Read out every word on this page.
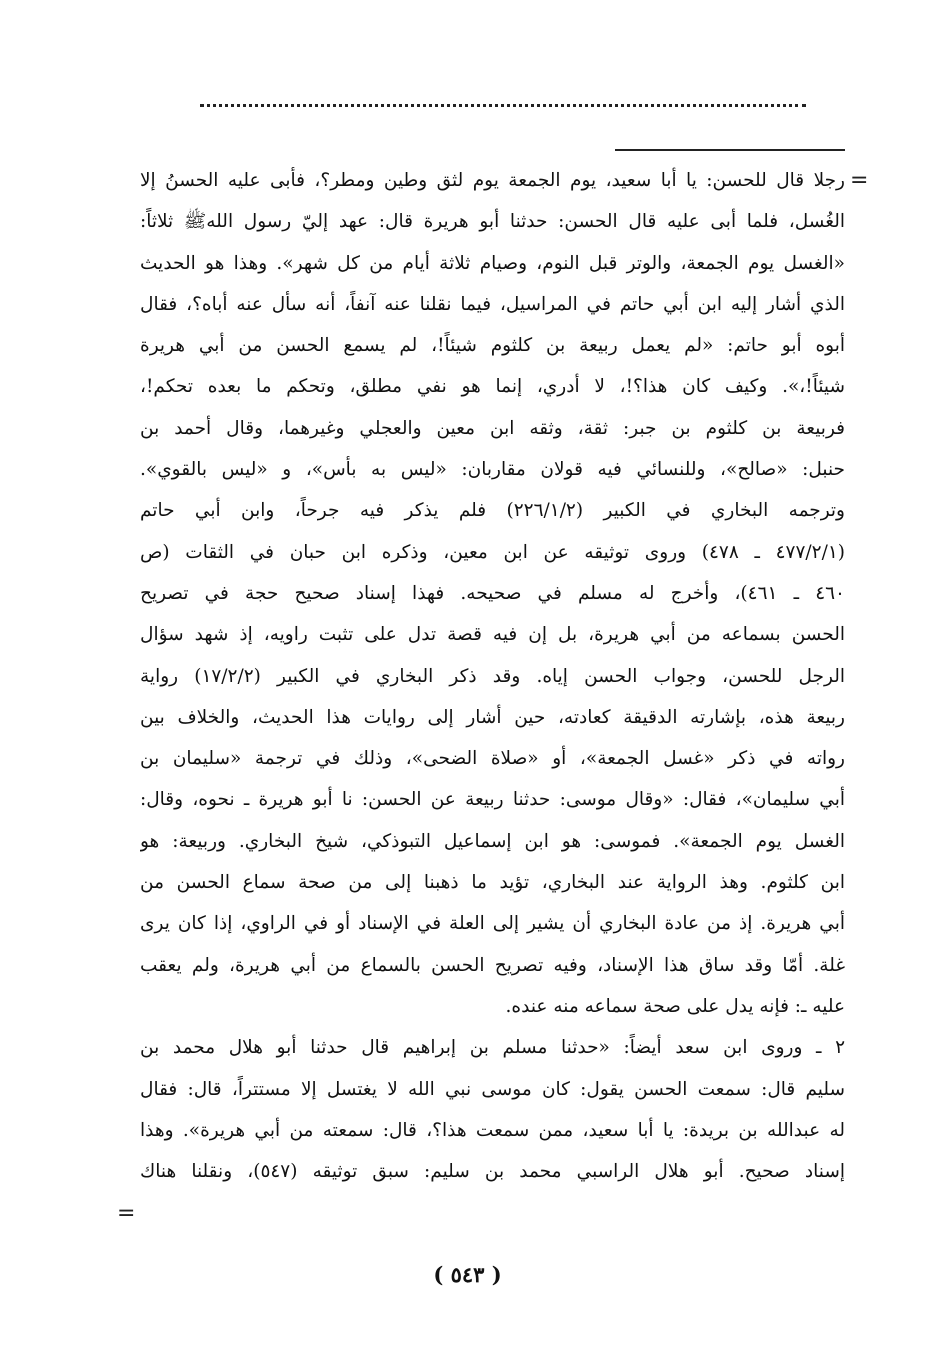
=
=
رجلا قال للحسن: يا أبا سعيد، يوم الجمعة يوم لثق وطين ومطر؟، فأبى عليه الحسنُ إلا
الغُسل، فلما أبى عليه قال الحسن: حدثنا أبو هريرة قال: عهد إليّ رسول اللهﷺ ثلاثاً:
«الغسل يوم الجمعة، والوتر قبل النوم، وصيام ثلاثة أيام من كل شهر». وهذا هو الحديث
الذي أشار إليه ابن أبي حاتم في المراسيل، فيما نقلنا عنه آنفاً، أنه سأل عنه أباه؟، فقال
أبوه أبو حاتم: «لم يعمل ربيعة بن كلثوم شيئاً!، لم يسمع الحسن من أبي هريرة
شيئاً!،». وكيف كان هذا؟!، لا أدري، إنما هو نفي مطلق، وتحكم ما بعده تحكم!،
فربيعة بن كلثوم بن جبر: ثقة، وثقه ابن معين والعجلي وغيرهما، وقال أحمد بن
حنبل: «صالح»، وللنسائي فيه قولان مقاربان: «ليس به بأس»، و «ليس بالقوي».
وترجمه البخاري في الكبير (٢٢٦/١/٢) فلم يذكر فيه جرحاً، وابن أبي حاتم
(٤٧٧/٢/١ ـ ٤٧٨) وروى توثيقه عن ابن معين، وذكره ابن حبان في الثقات (ص
٤٦٠ ـ ٤٦١)، وأخرج له مسلم في صحيحه. فهذا إسناد صحيح حجة في تصريح
الحسن بسماعه من أبي هريرة، بل إن فيه قصة تدل على تثبت راويه، إذ شهد سؤال
الرجل للحسن، وجواب الحسن إياه. وقد ذكر البخاري في الكبير (١٧/٢/٢) رواية
ربيعة هذه، بإشارته الدقيقة كعادته، حين أشار إلى روايات هذا الحديث، والخلاف بين
رواته في ذكر «غسل الجمعة»، أو «صلاة الضحى»، وذلك في ترجمة «سليمان بن
أبي سليمان»، فقال: «وقال موسى: حدثنا ربيعة عن الحسن: نا أبو هريرة ـ نحوه، وقال:
الغسل يوم الجمعة». فموسى: هو ابن إسماعيل التبوذكي، شيخ البخاري. وربيعة: هو
ابن كلثوم. وهذ الرواية عند البخاري، تؤيد ما ذهبنا إلى من صحة سماع الحسن من
أبي هريرة. إذ من عادة البخاري أن يشير إلى العلة في الإسناد أو في الراوي، إذا كان يرى
غلة. أمّا وقد ساق هذا الإسناد، وفيه تصريح الحسن بالسماع من أبي هريرة، ولم يعقب
عليه ـ: فإنه يدل على صحة سماعه منه عنده.
٢ ـ وروى ابن سعد أيضاً: «حدثنا مسلم بن إبراهيم قال حدثنا أبو هلال محمد بن
سليم قال: سمعت الحسن يقول: كان موسى نبي الله لا يغتسل إلا مستتراً، قال: فقال
له عبدالله بن بريدة: يا أبا سعيد، ممن سمعت هذا؟، قال: سمعته من أبي هريرة». وهذا
إسناد صحيح. أبو هلال الراسبي محمد بن سليم: سبق توثيقه (٥٤٧)، ونقلنا هناك
( ٥٤٣ )
